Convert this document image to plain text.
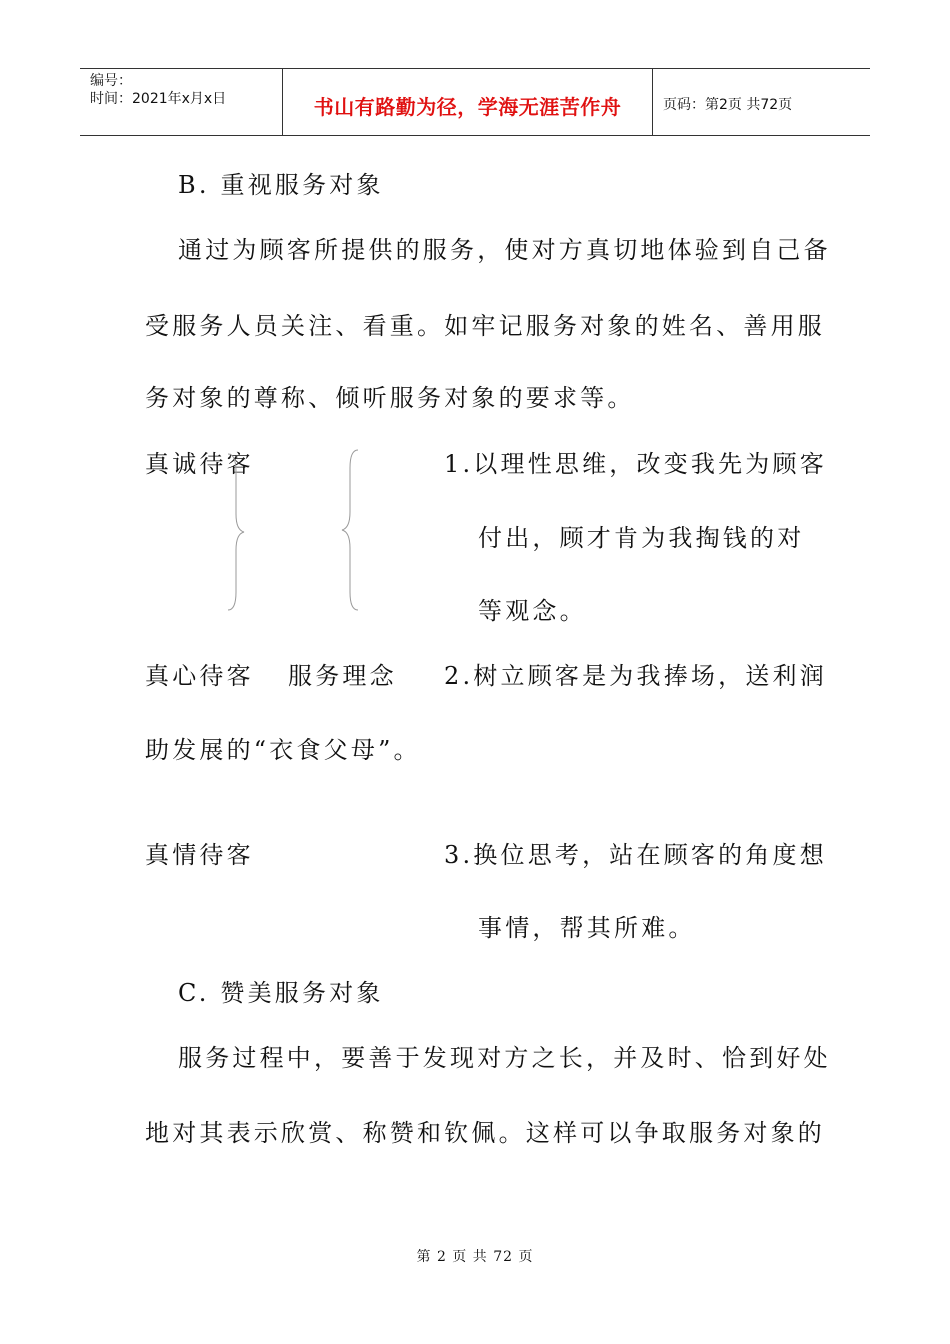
编号：
时间：2021年x月x日	书山有路勤为径，学海无涯苦作舟	页码：第2页 共72页
B. 重视服务对象
通过为顾客所提供的服务，使对方真切地体验到自己备
受服务人员关注、看重。如牢记服务对象的姓名、善用服
务对象的尊称、倾听服务对象的要求等。
真诚待客
真心待客
真情待客
服务理念
1.以理性思维，改变我先为顾客
付出，顾才肯为我掏钱的对
等观念。
2.树立顾客是为我捧场，送利润
助发展的“衣食父母”。
3.换位思考，站在顾客的角度想
事情，帮其所难。
C. 赞美服务对象
服务过程中，要善于发现对方之长，并及时、恰到好处
地对其表示欣赏、称赞和钦佩。这样可以争取服务对象的
第 2 页 共 72 页
